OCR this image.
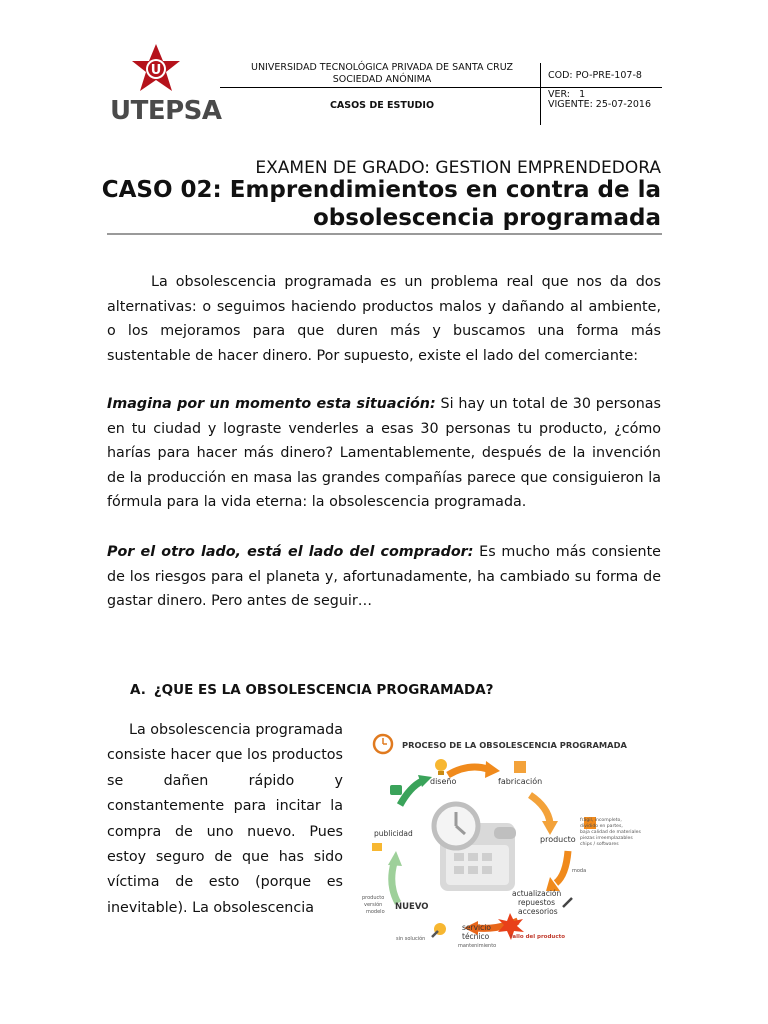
U
UTEPSA
UNIVERSIDAD TECNOLÓGICA PRIVADA DE SANTA CRUZ
SOCIEDAD ANÓNIMA
CASOS DE ESTUDIO
COD: PO-PRE-107-8
VER:   1
VIGENTE: 25-07-2016
EXAMEN DE GRADO: GESTION EMPRENDEDORA
CASO 02: Emprendimientos en contra de la obsolescencia programada
La obsolescencia programada es un problema real que nos da dos alternativas: o seguimos haciendo productos malos y dañando al ambiente, o los mejoramos para que duren más y buscamos una forma más sustentable de hacer dinero. Por supuesto, existe el lado del comerciante:
Imagina por un momento esta situación: Si hay un total de 30 personas en tu ciudad y lograste venderles a esas 30 personas tu producto, ¿cómo harías para hacer más dinero? Lamentablemente, después de la invención de la producción en masa las grandes compañías parece que consiguieron la fórmula para la vida eterna: la obsolescencia programada.
Por el otro lado, está el lado del comprador: Es mucho más consiente de los riesgos para el planeta y, afortunadamente, ha cambiado su forma de gastar dinero. Pero antes de seguir…
A. ¿QUE ES LA OBSOLESCENCIA PROGRAMADA?
La obsolescencia programada consiste hacer que los productos se dañen rápido y constantemente para incitar la compra de uno nuevo. Pues estoy seguro de que has sido víctima de esto (porque es inevitable). La obsolescencia
PROCESO DE LA OBSOLESCENCIA PROGRAMADA
diseño	fabricación
producto
frágil, incompleto,
dividido en partes,
baja calidad de materiales
piezas irreemplazables
chips / softwares
moda
actualización
repuestos
accesorios
fallo del producto
servicio
técnico
mantenimiento
sin solución
NUEVO
producto
versión
modelo
publicidad
